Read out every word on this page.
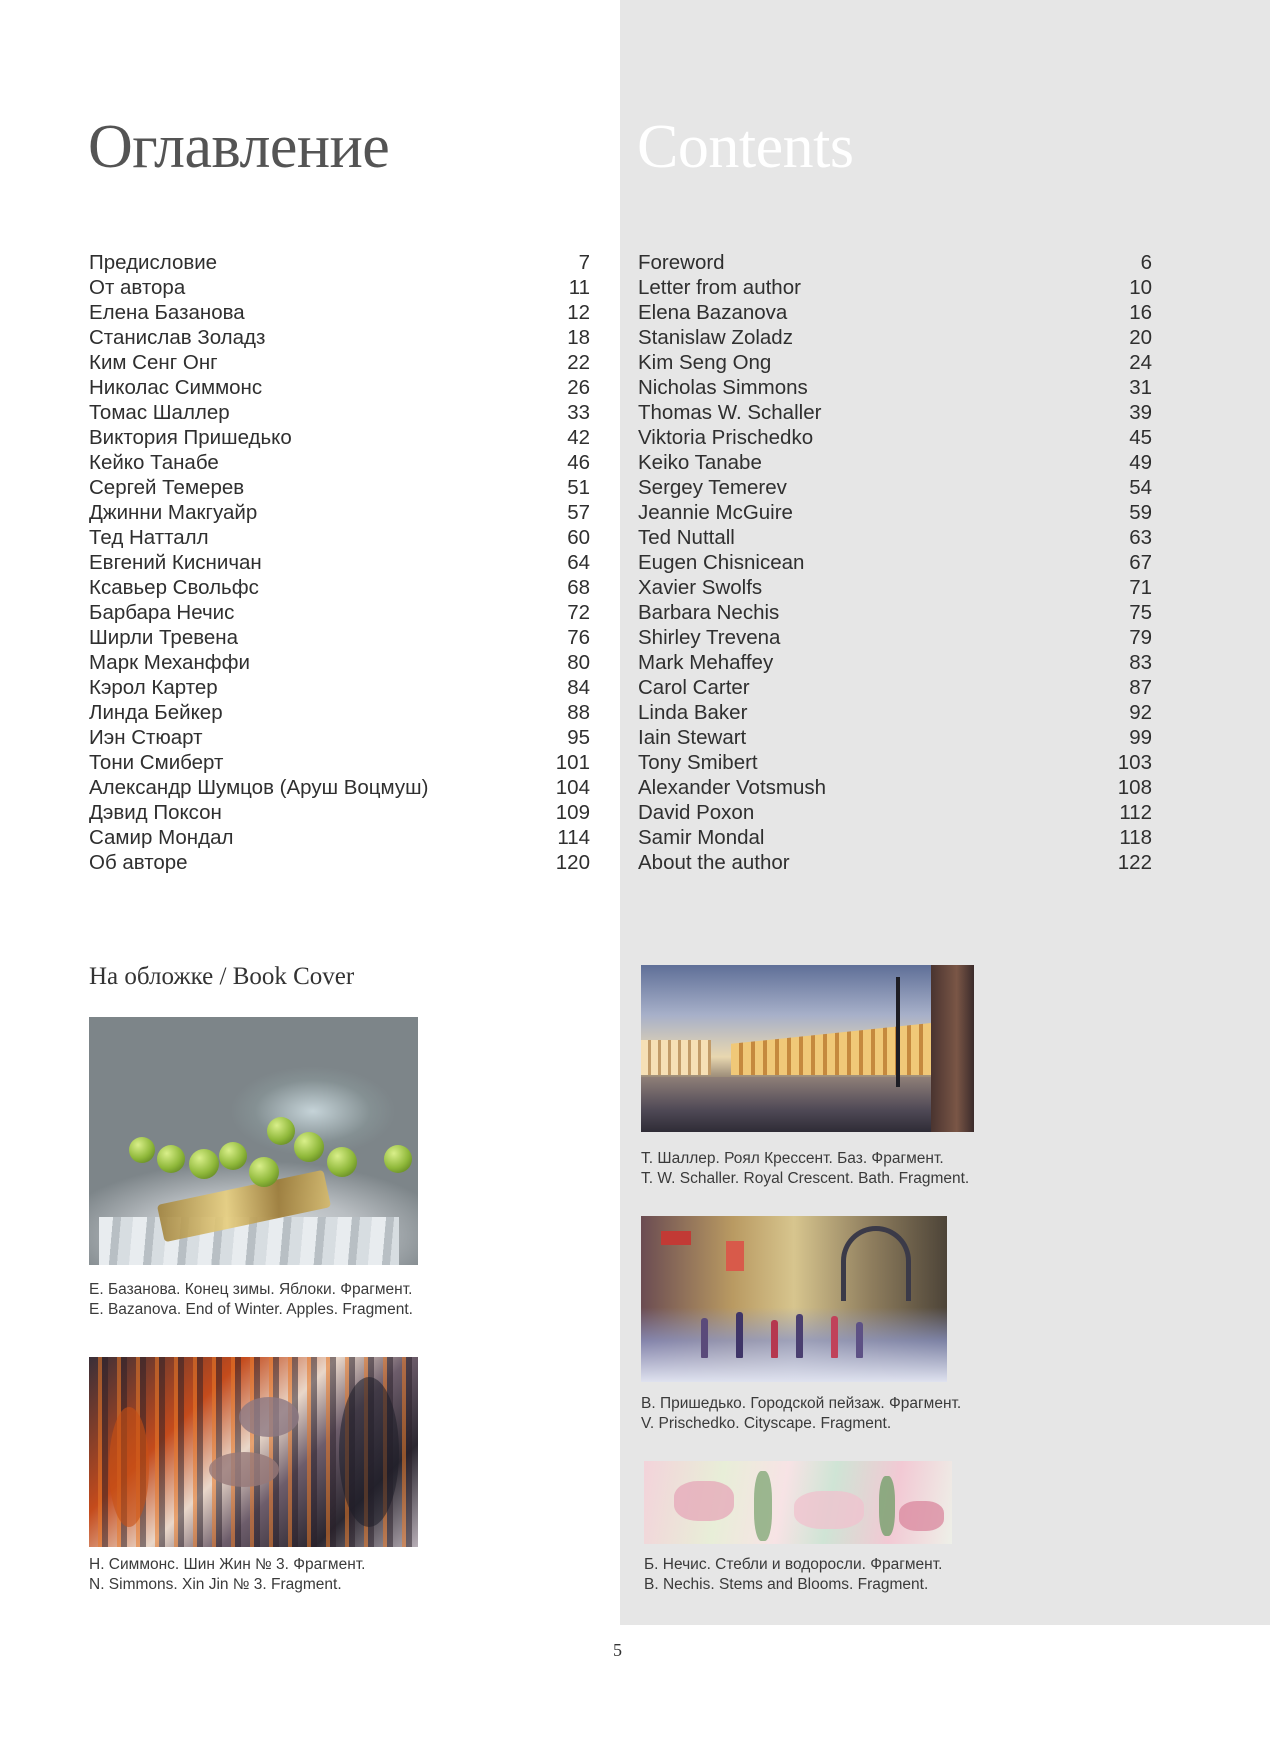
Оглавление	Contents
Предисловие	7
От автора	11
Елена Базанова	12
Станислав Золадз	18
Ким Сенг Онг	22
Николас Симмонс	26
Томас Шаллер	33
Виктория Пришедько	42
Кейко Танабе	46
Сергей Темерев	51
Джинни Макгуайр	57
Тед Натталл	60
Евгений Кисничан	64
Ксавьер Свольфс	68
Барбара Нечис	72
Ширли Тревена	76
Марк Механффи	80
Кэрол Картер	84
Линда Бейкер	88
Иэн Стюарт	95
Тони Смиберт	101
Александр Шумцов (Аруш Воцмуш)	104
Дэвид Поксон	109
Самир Мондал	114
Об авторе	120
Foreword	6
Letter from author	10
Elena Bazanova	16
Stanislaw Zoladz	20
Kim Seng Ong	24
Nicholas Simmons	31
Thomas W. Schaller	39
Viktoria Prischedko	45
Keiko Tanabe	49
Sergey Temerev	54
Jeannie McGuire	59
Ted Nuttall	63
Eugen Chisnicean	67
Xavier Swolfs	71
Barbara Nechis	75
Shirley Trevena	79
Mark Mehaffey	83
Carol Carter	87
Linda Baker	92
Iain Stewart	99
Tony Smibert	103
Alexander Votsmush	108
David Poxon	112
Samir Mondal	118
About the author	122
На обложке / Book Cover
Е. Базанова. Конец зимы. Яблоки. Фрагмент.
E. Bazanova. End of Winter. Apples. Fragment.
Н. Симмонс. Шин Жин № 3. Фрагмент.
N. Simmons. Xin Jin № 3. Fragment.
Т. Шаллер. Роял Крессент. Баз. Фрагмент.
T. W. Schaller. Royal Crescent. Bath. Fragment.
В. Пришедько. Городской пейзаж. Фрагмент.
V. Prischedko. Cityscape. Fragment.
Б. Нечис. Стебли и водоросли. Фрагмент.
B. Nechis. Stems and Blooms. Fragment.
5
